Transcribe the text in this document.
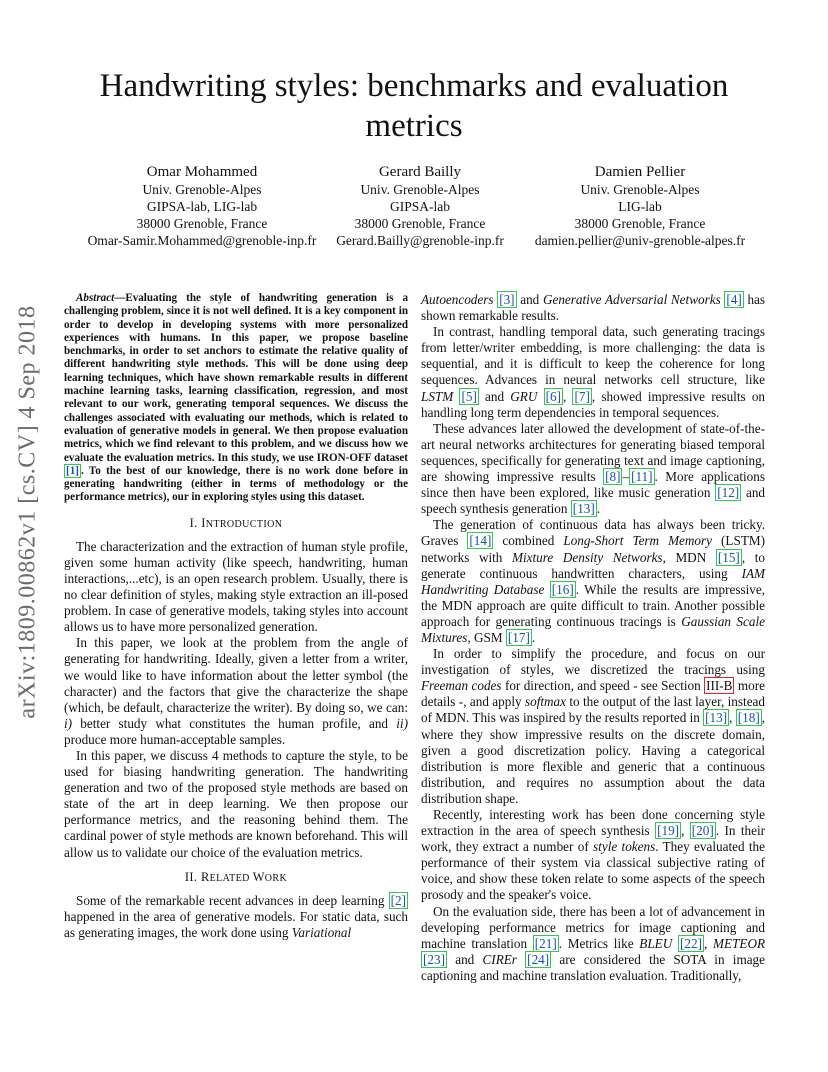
Handwriting styles: benchmarks and evaluation metrics
Omar Mohammed
Univ. Grenoble-Alpes
GIPSA-lab, LIG-lab
38000 Grenoble, France
Omar-Samir.Mohammed@grenoble-inp.fr
Gerard Bailly
Univ. Grenoble-Alpes
GIPSA-lab
38000 Grenoble, France
Gerard.Bailly@grenoble-inp.fr
Damien Pellier
Univ. Grenoble-Alpes
LIG-lab
38000 Grenoble, France
damien.pellier@univ-grenoble-alpes.fr
arXiv:1809.00862v1 [cs.CV] 4 Sep 2018

Abstract—Evaluating the style of handwriting generation is a challenging problem, since it is not well defined. It is a key component in order to develop in developing systems with more personalized experiences with humans. In this paper, we propose baseline benchmarks, in order to set anchors to estimate the relative quality of different handwriting style methods. This will be done using deep learning techniques, which have shown remarkable results in different machine learning tasks, learning classification, regression, and most relevant to our work, generating temporal sequences. We discuss the challenges associated with evaluating our methods, which is related to evaluation of generative models in general. We then propose evaluation metrics, which we find relevant to this problem, and we discuss how we evaluate the evaluation metrics. In this study, we use IRON-OFF dataset [1] . To the best of our knowledge, there is no work done before in generating handwriting (either in terms of methodology or the performance metrics), our in exploring styles using this dataset.

I. INTRODUCTION

The characterization and the extraction of human style profile, given some human activity (like speech, handwriting, human interactions,...etc), is an open research problem. Usually, there is no clear definition of styles, making style extraction an ill-posed problem. In case of generative models, taking styles into account allows us to have more personalized generation.

In this paper, we look at the problem from the angle of generating for handwriting. Ideally, given a letter from a writer, we would like to have information about the letter symbol (the character) and the factors that give the characterize the shape (which, be default, characterize the writer). By doing so, we can: i) better study what constitutes the human profile, and ii) produce more human-acceptable samples.

In this paper, we discuss 4 methods to capture the style, to be used for biasing handwriting generation. The handwriting generation and two of the proposed style methods are based on state of the art in deep learning. We then propose our performance metrics, and the reasoning behind them. The cardinal power of style methods are known beforehand. This will allow us to validate our choice of the evaluation metrics.

II. RELATED WORK

Some of the remarkable recent advances in deep learning [2] happened in the area of generative models. For static data, such as generating images, the work done using Variational

Autoencoders [3] and Generative Adversarial Networks [4] has shown remarkable results.

In contrast, handling temporal data, such generating tracings from letter/writer embedding, is more challenging: the data is sequential, and it is difficult to keep the coherence for long sequences. Advances in neural networks cell structure, like LSTM [5] and GRU [6] , [7] , showed impressive results on handling long term dependencies in temporal sequences.

These advances later allowed the development of state-of-the-art neural networks architectures for generating biased temporal sequences, specifically for generating text and image captioning, are showing impressive results [8] – [11] . More applications since then have been explored, like music generation [12] and speech synthesis generation [13] .

The generation of continuous data has always been tricky. Graves [14] combined Long-Short Term Memory (LSTM) networks with Mixture Density Networks, MDN [15] , to generate continuous handwritten characters, using IAM Handwriting Database [16] . While the results are impressive, the MDN approach are quite difficult to train. Another possible approach for generating continuous tracings is Gaussian Scale Mixtures, GSM [17] .

In order to simplify the procedure, and focus on our investigation of styles, we discretized the tracings using Freeman codes for direction, and speed - see Section III-B more details -, and apply softmax to the output of the last layer, instead of MDN. This was inspired by the results reported in [13] , [18] , where they show impressive results on the discrete domain, given a good discretization policy. Having a categorical distribution is more flexible and generic that a continuous distribution, and requires no assumption about the data distribution shape.

Recently, interesting work has been done concerning style extraction in the area of speech synthesis [19] , [20] . In their work, they extract a number of style tokens. They evaluated the performance of their system via classical subjective rating of voice, and show these token relate to some aspects of the speech prosody and the speaker's voice.

On the evaluation side, there has been a lot of advancement in developing performance metrics for image captioning and machine translation [21] . Metrics like BLEU [22] , METEOR [23] and CIREr [24] are considered the SOTA in image captioning and machine translation evaluation. Traditionally,
